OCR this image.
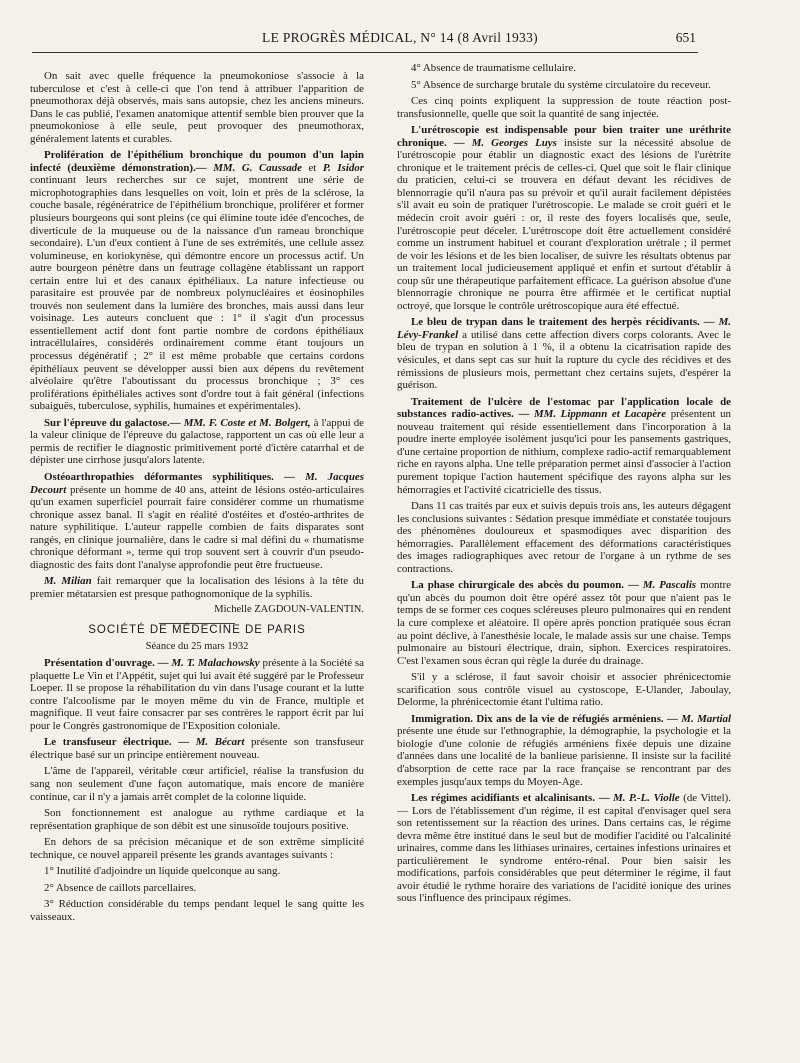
LE PROGRÈS MÉDICAL, N° 14 (8 Avril 1933)	651

On sait avec quelle fréquence la pneumokoniose s'associe à la tuberculose et c'est à celle-ci que l'on tend à attribuer l'apparition de pneumothorax déjà observés, mais sans autopsie, chez les anciens mineurs. Dans le cas publié, l'examen anatomique attentif semble bien prouver que la pneumokoniose à elle seule, peut provoquer des pneumothorax, généralement latents et curables.

Prolifération de l'épithélium bronchique du poumon d'un lapin infecté (deuxième démonstration).— MM. G. Caussade et P. Isidor continuant leurs recherches sur ce sujet, montrent une série de microphotographies dans lesquelles on voit, loin et près de la sclérose, la couche basale, régénératrice de l'épithélium bronchique, proliférer et former plusieurs bourgeons qui sont pleins (ce qui élimine toute idée d'encoches, de diverticule de la muqueuse ou de la naissance d'un rameau bronchique secondaire). L'un d'eux contient à l'une de ses extrémités, une cellule assez volumineuse, en koriokynèse, qui démontre encore un processus actif. Un autre bourgeon pénètre dans un feutrage collagène établissant un rapport certain entre lui et des canaux épithéliaux. La nature infectieuse ou parasitaire est prouvée par de nombreux polynucléaires et éosinophiles trouvés non seulement dans la lumière des bronches, mais aussi dans leur voisinage. Les auteurs concluent que : 1° il s'agit d'un processus essentiellement actif dont font partie nombre de cordons épithéliaux intracéllulaires, considérés ordinairement comme étant toujours un processus dégénératif ; 2° il est même probable que certains cordons épithéliaux peuvent se développer aussi bien aux dépens du revêtement alvéolaire qu'être l'aboutissant du processus bronchique ; 3° ces proliférations épithéliales actives sont d'ordre tout à fait général (infections subaiguës, tuberculose, syphilis, humaines et expérimentales).

Sur l'épreuve du galactose.— MM. F. Coste et M. Bolgert, à l'appui de la valeur clinique de l'épreuve du galactose, rapportent un cas où elle leur a permis de rectifier le diagnostic primitivement porté d'ictère catarrhal et de dépister une cirrhose jusqu'alors latente.

Ostéoarthropathies déformantes syphilitiques. — M. Jacques Decourt présente un homme de 40 ans, atteint de lésions ostéo-articulaires qu'un examen superficiel pourrait faire considérer comme un rhumatisme chronique assez banal. Il s'agit en réalité d'ostéites et d'ostéo-arthrites de nature syphilitique. L'auteur rappelle combien de faits disparates sont rangés, en clinique journalière, dans le cadre si mal défini du « rhumatisme chronique déformant », terme qui trop souvent sert à couvrir d'un pseudo-diagnostic des faits dont l'analyse approfondie peut être fructueuse.

M. Milian fait remarquer que la localisation des lésions à la tête du premier métatarsien est presque pathognomonique de la syphilis.

Michelle ZAGDOUN-VALENTIN.

SOCIÉTÉ DE MÉDECINE DE PARIS

Séance du 25 mars 1932

Présentation d'ouvrage. — M. T. Malachowsky présente à la Société sa plaquette Le Vin et l'Appétit, sujet qui lui avait été suggéré par le Professeur Loeper. Il se propose la réhabilitation du vin dans l'usage courant et la lutte contre l'alcoolisme par le moyen même du vin de France, multiple et magnifique. Il veut faire consacrer par ses contrères le rapport écrit par lui pour le Congrès gastronomique de l'Exposition coloniale.

Le transfuseur électrique. — M. Bécart présente son transfuseur électrique basé sur un principe entièrement nouveau.

L'âme de l'appareil, véritable cœur artificiel, réalise la transfusion du sang non seulement d'une façon automatique, mais encore de manière continue, car il n'y a jamais arrêt complet de la colonne liquide.

Son fonctionnement est analogue au rythme cardiaque et la représentation graphique de son débit est une sinusoïde toujours positive.

En dehors de sa précision mécanique et de son extrême simplicité technique, ce nouvel appareil présente les grands avantages suivants :

1° Inutilité d'adjoindre un liquide quelconque au sang.

2° Absence de caillots parcellaires.

3° Réduction considérable du temps pendant lequel le sang quitte les vaisseaux.

4° Absence de traumatisme cellulaire.

5° Absence de surcharge brutale du système circulatoire du receveur.

Ces cinq points expliquent la suppression de toute réaction post-transfusionnelle, quelle que soit la quantité de sang injectée.

L'urétroscopie est indispensable pour bien traiter une uréthrite chronique. — M. Georges Luys insiste sur la nécessité absolue de l'urétroscopie pour établir un diagnostic exact des lésions de l'urètrite chronique et le traitement précis de celles-ci. Quel que soit le flair clinique du praticien, celui-ci se trouvera en défaut devant les récidives de blennorragie qu'il n'aura pas su prévoir et qu'il aurait facilement dépistées s'il avait eu soin de pratiquer l'urétroscopie. Le malade se croit guéri et le médecin croit avoir guéri : or, il reste des foyers localisés que, seule, l'urétroscopie peut déceler. L'urétroscope doit être actuellement considéré comme un instrument habituel et courant d'exploration urétrale ; il permet de voir les lésions et de les bien localiser, de suivre les résultats obtenus par un traitement local judicieusement appliqué et enfin et surtout d'établir à coup sûr une thérapeutique parfaitement efficace. La guérison absolue d'une blennorragie chronique ne pourra être affirmée et le certificat nuptial octroyé, que lorsque le contrôle urétroscopique aura été effectué.

Le bleu de trypan dans le traitement des herpès récidivants. — M. Lévy-Frankel a utilisé dans cette affection divers corps colorants. Avec le bleu de trypan en solution à 1 %, il a obtenu la cicatrisation rapide des vésicules, et dans sept cas sur huit la rupture du cycle des récidives et des rémissions de plusieurs mois, permettant chez certains sujets, d'espérer la guérison.

Traitement de l'ulcère de l'estomac par l'application locale de substances radio-actives. — MM. Lippmann et Lacapère présentent un nouveau traitement qui réside essentiellement dans l'incorporation à la poudre inerte employée isolément jusqu'ici pour les pansements gastriques, d'une certaine proportion de nithium, complexe radio-actif remarquablement riche en rayons alpha. Une telle préparation permet ainsi d'associer à l'action purement topique l'action hautement spécifique des rayons alpha sur les hémorragies et l'activité cicatricielle des tissus.

Dans 11 cas traités par eux et suivis depuis trois ans, les auteurs dégagent les conclusions suivantes : Sédation presque immédiate et constatée toujours des phénomènes douloureux et spasmodiques avec disparition des hémorragies. Parallèlement effacement des déformations caractéristiques des images radiographiques avec retour de l'organe à un rythme de ses contractions.

La phase chirurgicale des abcès du poumon. — M. Pascalis montre qu'un abcès du poumon doit être opéré assez tôt pour que n'aient pas le temps de se former ces coques scléreuses pleuro pulmonaires qui en rendent la cure complexe et aléatoire. Il opère après ponction pratiquée sous écran au point déclive, à l'anesthésie locale, le malade assis sur une chaise. Temps pulmonaire au bistouri électrique, drain, siphon. Exercices respiratoires. C'est l'examen sous écran qui règle la durée du drainage.

S'il y a sclérose, il faut savoir choisir et associer phrénicectomie scarification sous contrôle visuel au cystoscope, E-Ulander, Jaboulay, Delorme, la phrénicectomie étant l'ultima ratio.

Immigration. Dix ans de la vie de réfugiés arméniens. — M. Martial présente une étude sur l'ethnographie, la démographie, la psychologie et la biologie d'une colonie de réfugiés arméniens fixée depuis une dizaine d'années dans une localité de la banlieue parisienne. Il insiste sur la facilité d'absorption de cette race par la race française se rencontrant par des exemples jusqu'aux temps du Moyen-Age.

Les régimes acidifiants et alcalinisants. — M. P.-L. Violle (de Vittel). — Lors de l'établissement d'un régime, il est capital d'envisager quel sera son retentissement sur la réaction des urines. Dans certains cas, le régime devra même être institué dans le seul but de modifier l'acidité ou l'alcalinité urinaires, comme dans les lithiases urinaires, certaines infestions urinaires et particulièrement le syndrome entéro-rénal. Pour bien saisir les modifications, parfois considérables que peut déterminer le régime, il faut avoir étudié le rythme horaire des variations de l'acidité ionique des urines sous l'influence des principaux régimes.
